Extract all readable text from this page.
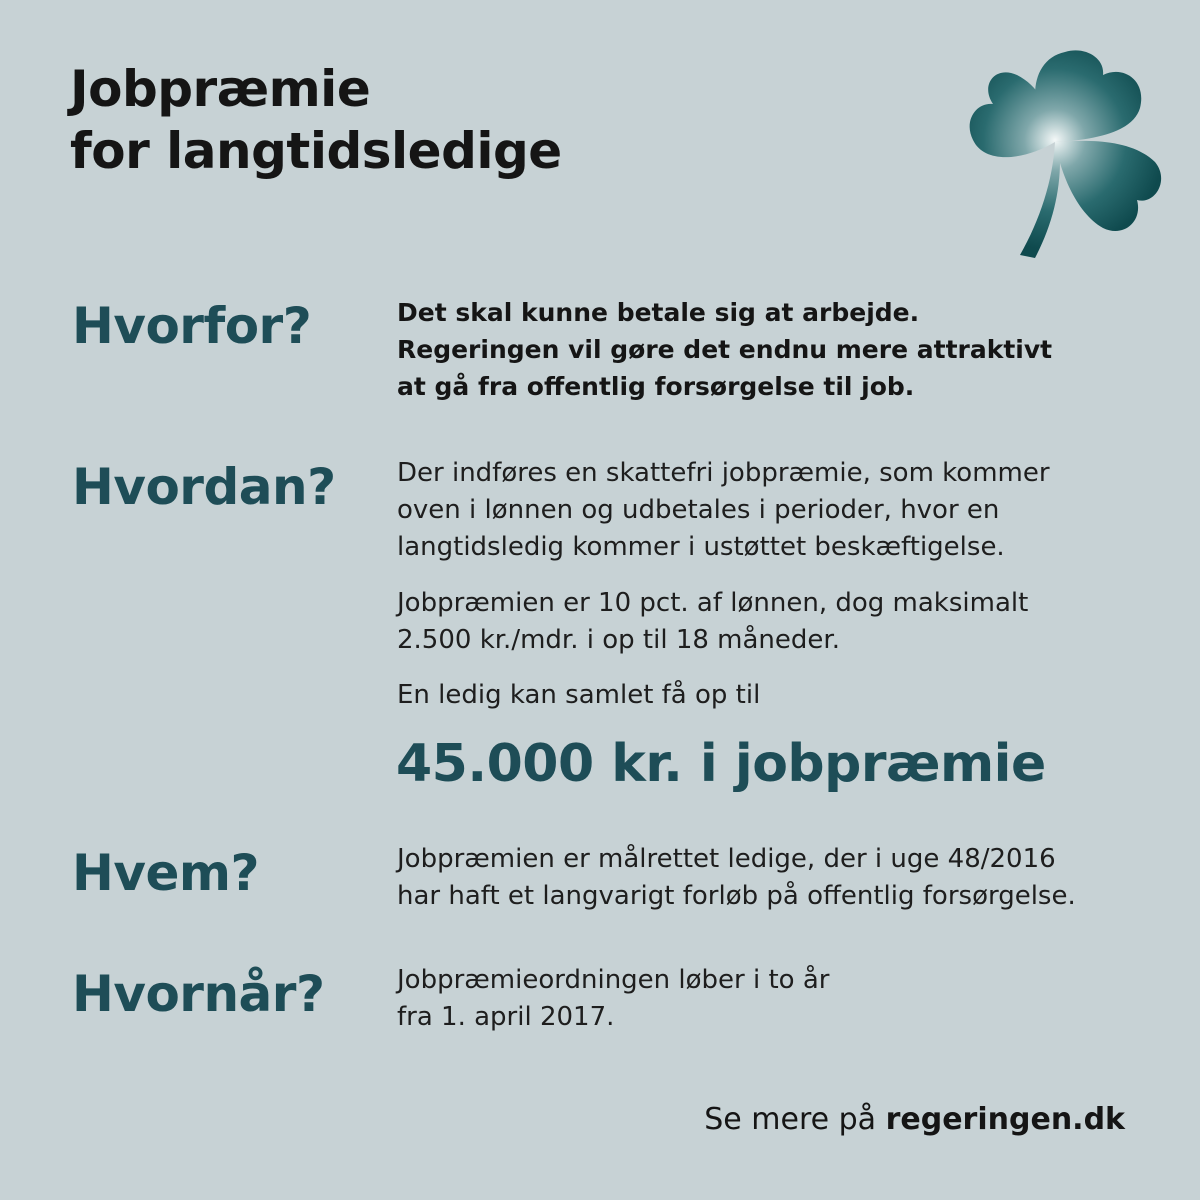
Jobpræmie
for langtidsledige
Hvorfor?	Det skal kunne betale sig at arbejde.
Regeringen vil gøre det endnu mere attraktivt
at gå fra offentlig forsørgelse til job.

Hvordan? Der indføres en skattefri jobpræmie, som kommer
oven i lønnen og udbetales i perioder, hvor en
langtidsledig kommer i ustøttet beskæftigelse.

Jobpræmien er 10 pct. af lønnen, dog maksimalt
2.500 kr./mdr. i op til 18 måneder.

En ledig kan samlet få op til

45.000 kr. i jobpræmie

Hvem?	Jobpræmien er målrettet ledige, der i uge 48/2016
har haft et langvarigt forløb på offentlig forsørgelse.

Hvornår?	Jobpræmieordningen løber i to år
fra 1. april 2017.

Se mere på regeringen.dk
